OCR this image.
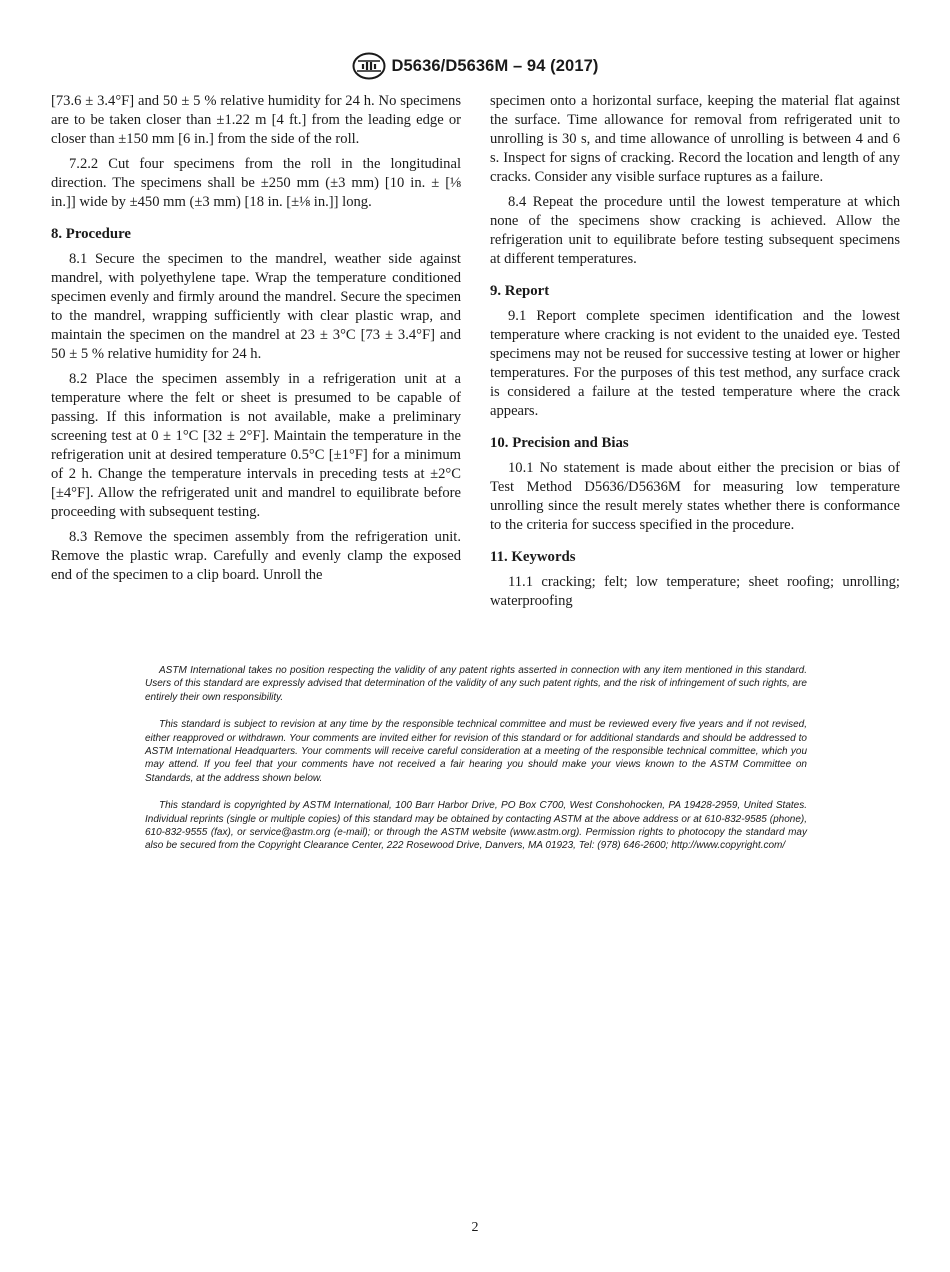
D5636/D5636M – 94 (2017)

[73.6 ± 3.4°F] and 50 ± 5 % relative humidity for 24 h. No specimens are to be taken closer than ±1.22 m [4 ft.] from the leading edge or closer than ±150 mm [6 in.] from the side of the roll.

7.2.2 Cut four specimens from the roll in the longitudinal direction. The specimens shall be ±250 mm (±3 mm) [10 in. ± [⅛ in.]] wide by ±450 mm (±3 mm) [18 in. [±⅛ in.]] long.

8. Procedure

8.1 Secure the specimen to the mandrel, weather side against mandrel, with polyethylene tape. Wrap the temperature conditioned specimen evenly and firmly around the mandrel. Secure the specimen to the mandrel, wrapping sufficiently with clear plastic wrap, and maintain the specimen on the mandrel at 23 ± 3°C [73 ± 3.4°F] and 50 ± 5 % relative humidity for 24 h.

8.2 Place the specimen assembly in a refrigeration unit at a temperature where the felt or sheet is presumed to be capable of passing. If this information is not available, make a preliminary screening test at 0 ± 1°C [32 ± 2°F]. Maintain the temperature in the refrigeration unit at desired temperature 0.5°C [±1°F] for a minimum of 2 h. Change the temperature intervals in preceding tests at ±2°C [±4°F]. Allow the refrigerated unit and mandrel to equilibrate before proceeding with subsequent testing.

8.3 Remove the specimen assembly from the refrigeration unit. Remove the plastic wrap. Carefully and evenly clamp the exposed end of the specimen to a clip board. Unroll the

specimen onto a horizontal surface, keeping the material flat against the surface. Time allowance for removal from refrigerated unit to unrolling is 30 s, and time allowance of unrolling is between 4 and 6 s. Inspect for signs of cracking. Record the location and length of any cracks. Consider any visible surface ruptures as a failure.

8.4 Repeat the procedure until the lowest temperature at which none of the specimens show cracking is achieved. Allow the refrigeration unit to equilibrate before testing subsequent specimens at different temperatures.

9. Report

9.1 Report complete specimen identification and the lowest temperature where cracking is not evident to the unaided eye. Tested specimens may not be reused for successive testing at lower or higher temperatures. For the purposes of this test method, any surface crack is considered a failure at the tested temperature where the crack appears.

10. Precision and Bias

10.1 No statement is made about either the precision or bias of Test Method D5636/D5636M for measuring low temperature unrolling since the result merely states whether there is conformance to the criteria for success specified in the procedure.

11. Keywords

11.1 cracking; felt; low temperature; sheet roofing; unrolling; waterproofing

ASTM International takes no position respecting the validity of any patent rights asserted in connection with any item mentioned in this standard. Users of this standard are expressly advised that determination of the validity of any such patent rights, and the risk of infringement of such rights, are entirely their own responsibility.

This standard is subject to revision at any time by the responsible technical committee and must be reviewed every five years and if not revised, either reapproved or withdrawn. Your comments are invited either for revision of this standard or for additional standards and should be addressed to ASTM International Headquarters. Your comments will receive careful consideration at a meeting of the responsible technical committee, which you may attend. If you feel that your comments have not received a fair hearing you should make your views known to the ASTM Committee on Standards, at the address shown below.

This standard is copyrighted by ASTM International, 100 Barr Harbor Drive, PO Box C700, West Conshohocken, PA 19428-2959, United States. Individual reprints (single or multiple copies) of this standard may be obtained by contacting ASTM at the above address or at 610-832-9585 (phone), 610-832-9555 (fax), or service@astm.org (e-mail); or through the ASTM website (www.astm.org). Permission rights to photocopy the standard may also be secured from the Copyright Clearance Center, 222 Rosewood Drive, Danvers, MA 01923, Tel: (978) 646-2600; http://www.copyright.com/

2
